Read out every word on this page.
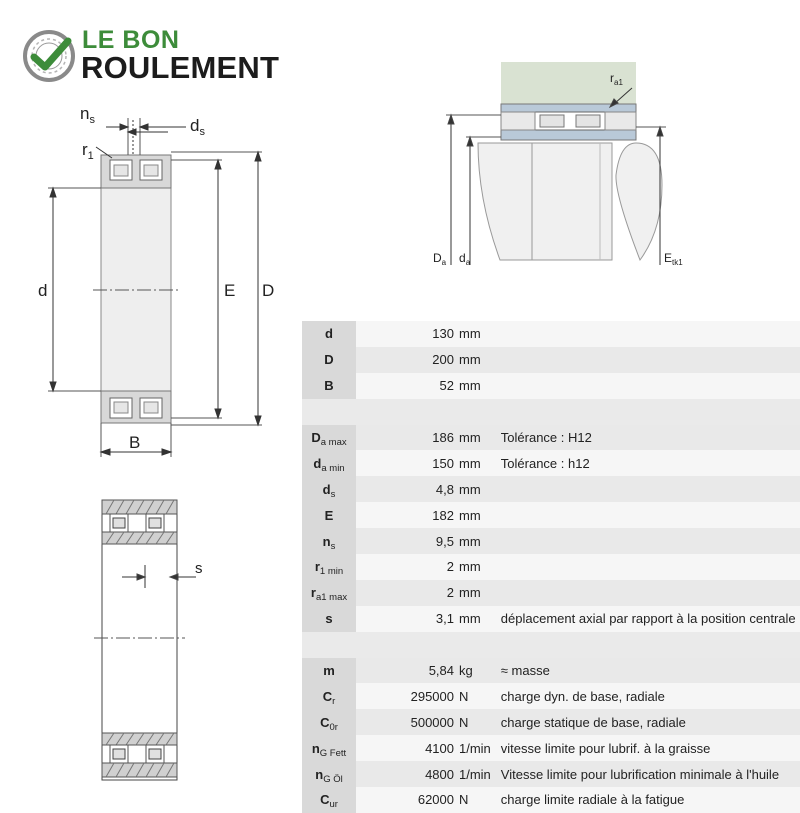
LE BON
ROULEMENT
$n_s$	$d_s$
$r_1$
d	E D
B
s
$r_{a1}$
$D_a$ $d_a$	$E_{tk1}$
d	130	mm	
D	200	mm	
B	52	mm	

$D_{a max}$	186	mm	Tolérance : H12
$d_{a min}$	150	mm	Tolérance : h12
$d_s$	4,8	mm	
E	182	mm	
$n_s$	9,5	mm	
$r_{1 min}$	2	mm	
$r_{a1 max}$	2	mm	
s	3,1	mm	déplacement axial par rapport à la position centrale

m	5,84	kg	≈ masse
$C_r$	295000	N	charge dyn. de base, radiale
$C_{0r}$	500000	N	charge statique de base, radiale
$n_{G Fett}$	4100	1/min	vitesse limite pour lubrif. à la graisse
$n_{G Öl}$	4800	1/min	Vitesse limite pour lubrification minimale à l'huile
$C_{ur}$	62000	N	charge limite radiale à la fatigue
